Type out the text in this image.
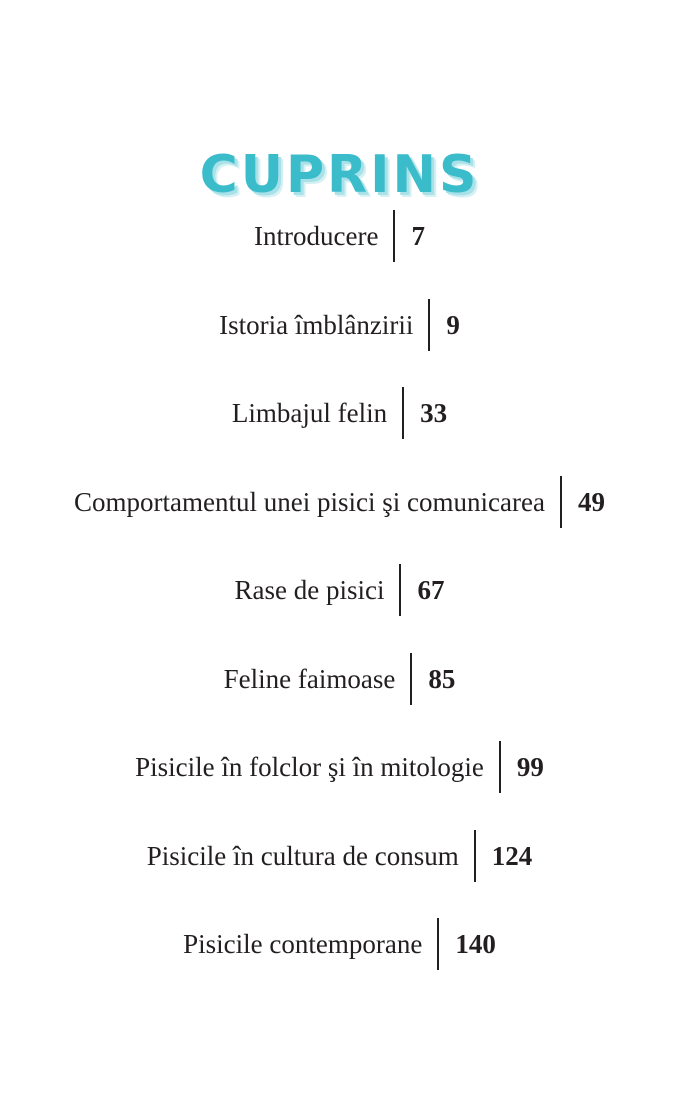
CUPRINS
Introducere	7
Istoria îmblânzirii	9
Limbajul felin	33
Comportamentul unei pisici şi comunicarea	49
Rase de pisici	67
Feline faimoase	85
Pisicile în folclor şi în mitologie	99
Pisicile în cultura de consum	124
Pisicile contemporane	140
